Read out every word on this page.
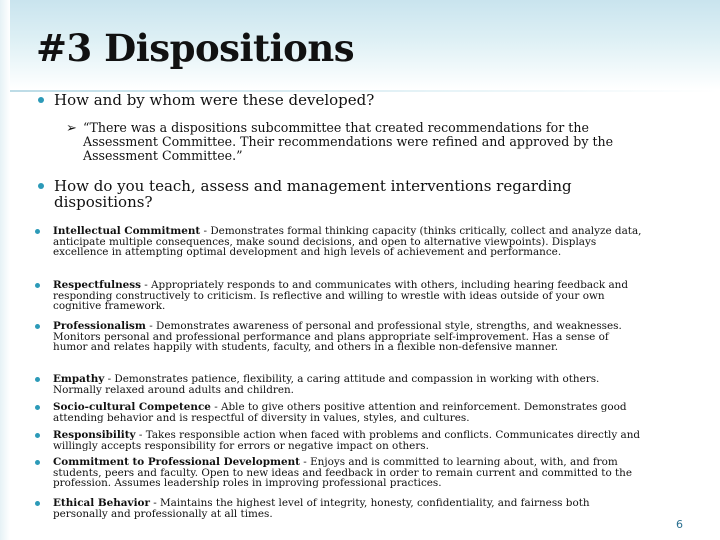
#3 Dispositions
How and by whom were these developed?
➢ “There was a dispositions subcommittee that created recommendations for the Assessment Committee. Their recommendations were refined and approved by the Assessment Committee.”
How do you teach, assess and management interventions regarding dispositions?
Intellectual Commitment - Demonstrates formal thinking capacity (thinks critically, collect and analyze data, anticipate multiple consequences, make sound decisions, and open to alternative viewpoints). Displays excellence in attempting optimal development and high levels of achievement and performance.
Respectfulness - Appropriately responds to and communicates with others, including hearing feedback and responding constructively to criticism. Is reflective and willing to wrestle with ideas outside of your own cognitive framework.
Professionalism - Demonstrates awareness of personal and professional style, strengths, and weaknesses. Monitors personal and professional performance and plans appropriate self-improvement. Has a sense of humor and relates happily with students, faculty, and others in a flexible non-defensive manner.
Empathy - Demonstrates patience, flexibility, a caring attitude and compassion in working with others. Normally relaxed around adults and children.
Socio-cultural Competence - Able to give others positive attention and reinforcement. Demonstrates good attending behavior and is respectful of diversity in values, styles, and cultures.
Responsibility - Takes responsible action when faced with problems and conflicts. Communicates directly and willingly accepts responsibility for errors or negative impact on others.
Commitment to Professional Development - Enjoys and is committed to learning about, with, and from students, peers and faculty. Open to new ideas and feedback in order to remain current and committed to the profession. Assumes leadership roles in improving professional practices.
Ethical Behavior - Maintains the highest level of integrity, honesty, confidentiality, and fairness both personally and professionally at all times.
6
